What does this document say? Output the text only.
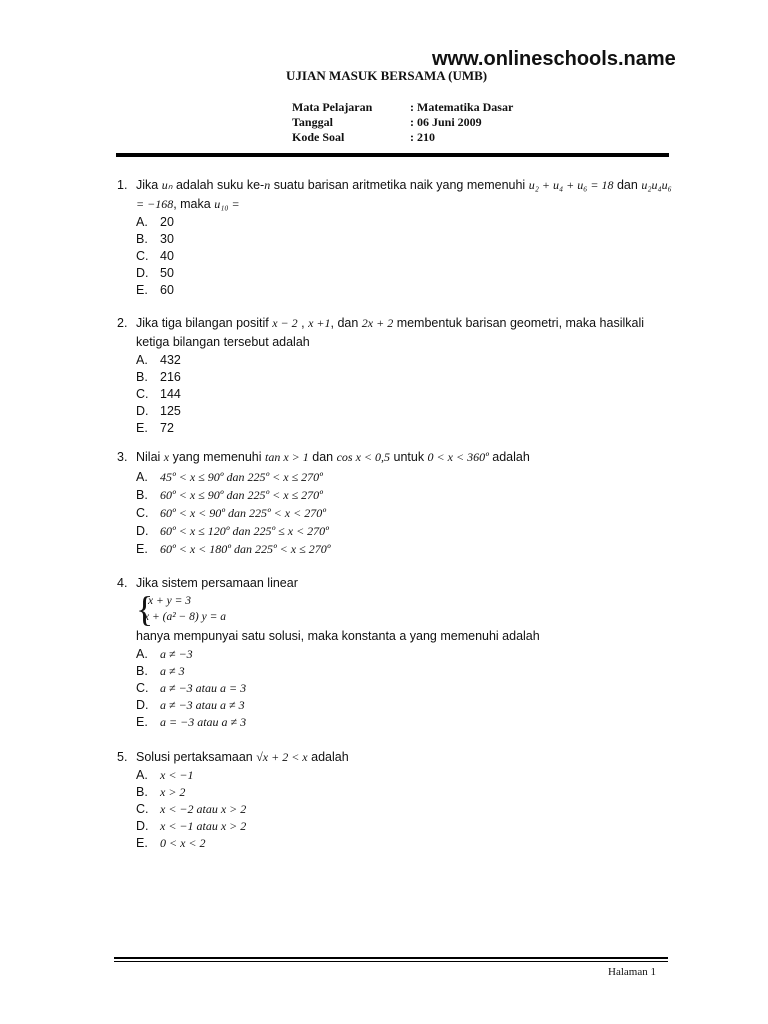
www.onlineschools.name
UJIAN MASUK BERSAMA (UMB)
Mata Pelajaran	: Matematika Dasar
Tanggal	: 06 Juni 2009
Kode Soal	: 210
1. Jika uₙ adalah suku ke-n suatu barisan aritmetika naik yang memenuhi u₂ + u₄ + u₆ = 18 dan u₂u₄u₆ = −168, maka u₁₀ =
A. 20
B. 30
C. 40
D. 50
E. 60
2. Jika tiga bilangan positif x − 2 , x +1, dan 2x + 2 membentuk barisan geometri, maka hasilkali ketiga bilangan tersebut adalah
A. 432
B. 216
C. 144
D. 125
E. 72
3. Nilai x yang memenuhi tan x > 1 dan cos x < 0,5 untuk 0 < x < 360º adalah
A.	45º < x ≤ 90º dan 225º < x ≤ 270º
B.	60º < x ≤ 90º dan 225º < x ≤ 270º
C. 60º < x < 90º dan 225º < x < 270º
D. 60º < x ≤ 120º dan 225º ≤ x < 270º
E.	60º < x < 180º dan 225º < x ≤ 270º
4. Jika sistem persamaan linear
{
x + y = 3
x + (a² − 8) y = a
hanya mempunyai satu solusi, maka konstanta a yang memenuhi adalah
A.	a ≠ −3
B.	a ≠ 3
C. a ≠ −3 atau a = 3
D. a ≠ −3 atau a ≠ 3
E.	a = −3 atau a ≠ 3
5. Solusi pertaksamaan √x + 2 < x adalah
A.	x < −1
B.	x > 2
C. x < −2 atau x > 2
D. x < −1 atau x > 2
E.	0 < x < 2
Halaman 1
